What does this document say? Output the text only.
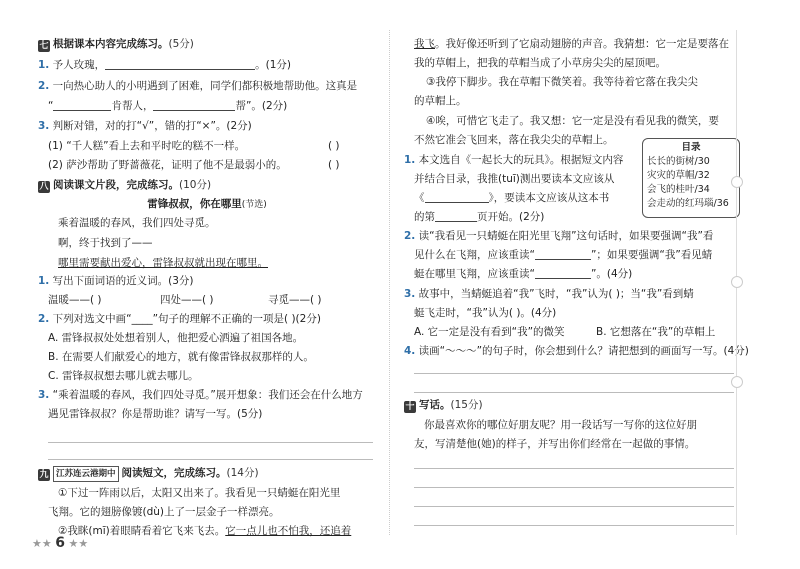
七 根据课本内容完成练习。(5分)
1. 予人玫瑰，	。(1分)
2. 一向热心助人的小明遇到了困难，同学们都积极地帮助他。这真是
“	肯帮人，	帮”。(2分)
3. 判断对错，对的打“√”，错的打“×”。(2分)
(1) “千人糕”看上去和平时吃的糕不一样。	( )
(2) 萨沙帮助了野蔷薇花，证明了他不是最弱小的。	( )
八 阅读课文片段，完成练习。(10分)
雷锋叔叔，你在哪里(节选)
乘着温暖的春风，我们四处寻觅。
啊，终于找到了——
哪里需要献出爱心，雷锋叔叔就出现在哪里。
1. 写出下面词语的近义词。(3分)
温暖——( )	四处——( )	寻觅——( )
2. 下列对选文中画“____”句子的理解不正确的一项是( )(2分)
A. 雷锋叔叔处处想着别人，他把爱心洒遍了祖国各地。
B. 在需要人们献爱心的地方，就有像雷锋叔叔那样的人。
C. 雷锋叔叔想去哪儿就去哪儿。
3. “乘着温暖的春风，我们四处寻觅。”展开想象：我们还会在什么地方
遇见雷锋叔叔？你是帮助谁？请写一写。(5分)
九 江苏连云港期中 阅读短文，完成练习。(14分)
①下过一阵雨以后，太阳又出来了。我看见一只蜻蜓在阳光里
飞翔。它的翅膀像镀(dù)上了一层金子一样漂亮。
②我眯(mī)着眼睛看着它飞来飞去。它一点儿也不怕我，还追着
★★ 6 ★★
我飞。我好像还听到了它扇动翅膀的声音。我猜想：它一定是要落在
我的草帽上，把我的草帽当成了小草房尖尖的屋顶吧。
③我停下脚步。我在草帽下微笑着。我等待着它落在我尖尖
的草帽上。
④唉，可惜它飞走了。我又想：它一定是没有看见我的微笑，要
不然它准会飞回来，落在我尖尖的草帽上。
1. 本文选自《一起长大的玩具》。根据短文内容
并结合目录，我推(tuī)测出要读本文应该从
《	》，要读本文应该从这本书
的第	页开始。(2分)
2. 读“我看见一只蜻蜓在阳光里飞翔”这句话时，如果要强调“我”看
见什么在飞翔，应该重读“	”；如果要强调“我”看见蜻
蜓在哪里飞翔，应该重读“	”。(4分)
3. 故事中，当蜻蜓追着“我”飞时，“我”认为( )；当“我”看到蜻
蜓飞走时，“我”认为( )。(4分)
A. 它一定是没有看到“我”的微笑	B. 它想落在“我”的草帽上
4. 读画“～～～”的句子时，你会想到什么？请把想到的画面写一写。(4分)
十 写话。(15分)
你最喜欢你的哪位好朋友呢？用一段话写一写你的这位好朋
友，写清楚他(她)的样子，并写出你们经常在一起做的事情。
目录
长长的街树/30
灾灾的草帽/32
会飞的桂叶/34
会走动的红玛瑙/36
